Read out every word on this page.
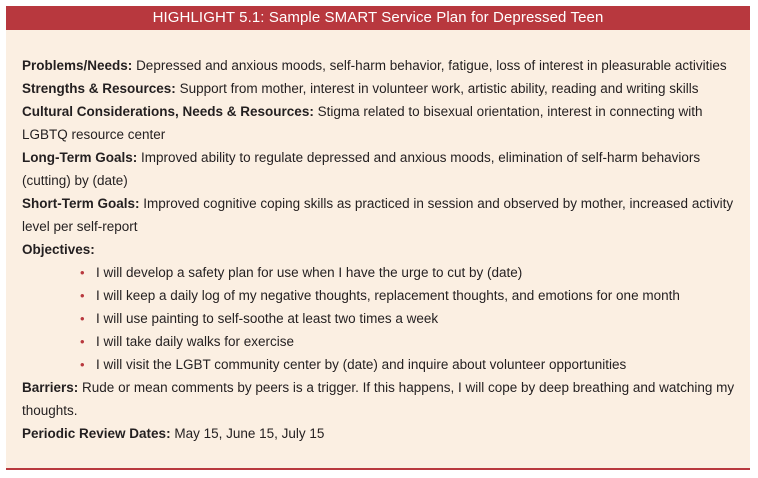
HIGHLIGHT 5.1: Sample SMART Service Plan for Depressed Teen

Problems/Needs: Depressed and anxious moods, self-harm behavior, fatigue, loss of interest in pleasurable activities

Strengths & Resources: Support from mother, interest in volunteer work, artistic ability, reading and writing skills

Cultural Considerations, Needs & Resources: Stigma related to bisexual orientation, interest in connecting with LGBTQ resource center

Long-Term Goals: Improved ability to regulate depressed and anxious moods, elimination of self-harm behaviors (cutting) by (date)

Short-Term Goals: Improved cognitive coping skills as practiced in session and observed by mother, increased activity level per self-report

Objectives:

• I will develop a safety plan for use when I have the urge to cut by (date)
• I will keep a daily log of my negative thoughts, replacement thoughts, and emotions for one month
• I will use painting to self-soothe at least two times a week
• I will take daily walks for exercise
• I will visit the LGBT community center by (date) and inquire about volunteer opportunities

Barriers: Rude or mean comments by peers is a trigger. If this happens, I will cope by deep breathing and watching my thoughts.

Periodic Review Dates: May 15, June 15, July 15
